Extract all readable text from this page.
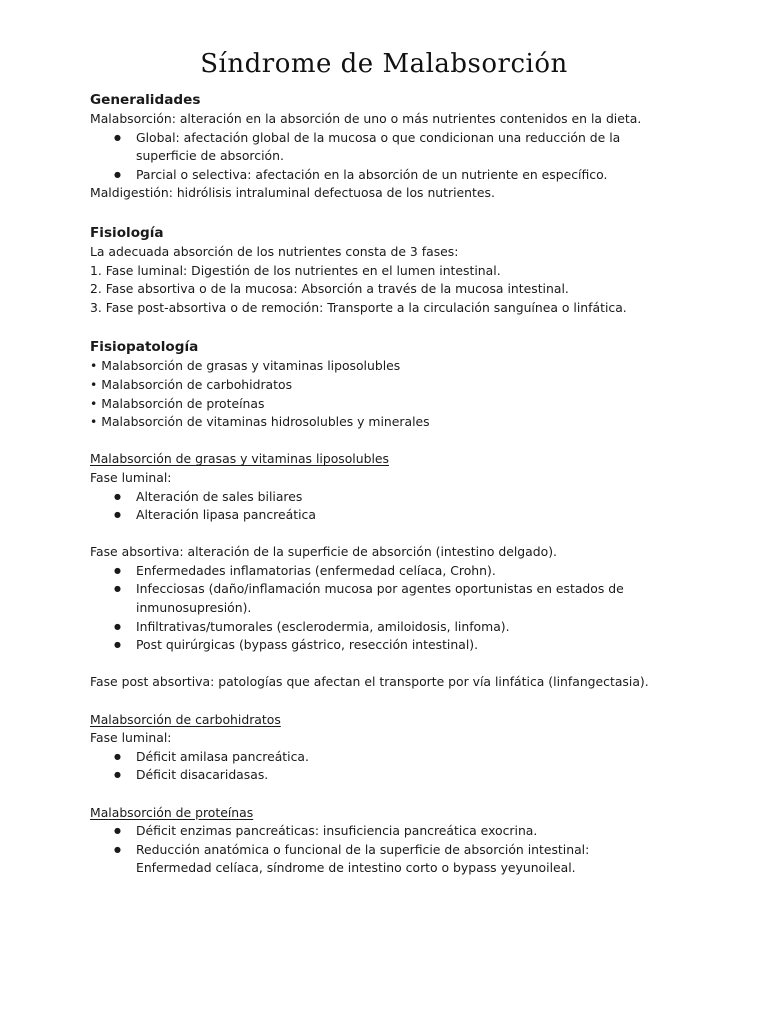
Síndrome de Malabsorción
Generalidades

Malabsorción: alteración en la absorción de uno o más nutrientes contenidos en la dieta.

● Global: afectación global de la mucosa o que condicionan una reducción de la superficie de absorción.
● Parcial o selectiva: afectación en la absorción de un nutriente en específico.

Maldigestión: hidrólisis intraluminal defectuosa de los nutrientes.

Fisiología

La adecuada absorción de los nutrientes consta de 3 fases:

1. Fase luminal: Digestión de los nutrientes en el lumen intestinal.

2. Fase absortiva o de la mucosa: Absorción a través de la mucosa intestinal.

3. Fase post-absortiva o de remoción: Transporte a la circulación sanguínea o linfática.

Fisiopatología

• Malabsorción de grasas y vitaminas liposolubles

• Malabsorción de carbohidratos

• Malabsorción de proteínas

• Malabsorción de vitaminas hidrosolubles y minerales

Malabsorción de grasas y vitaminas liposolubles

Fase luminal:

● Alteración de sales biliares
● Alteración lipasa pancreática

Fase absortiva: alteración de la superficie de absorción (intestino delgado).

● Enfermedades inflamatorias (enfermedad celíaca, Crohn).
● Infecciosas (daño/inflamación mucosa por agentes oportunistas en estados de inmunosupresión).
● Infiltrativas/tumorales (esclerodermia, amiloidosis, linfoma).
● Post quirúrgicas (bypass gástrico, resección intestinal).

Fase post absortiva: patologías que afectan el transporte por vía linfática (linfangectasia).

Malabsorción de carbohidratos

Fase luminal:

● Déficit amilasa pancreática.
● Déficit disacaridasas.

Malabsorción de proteínas

● Déficit enzimas pancreáticas: insuficiencia pancreática exocrina.
● Reducción anatómica o funcional de la superficie de absorción intestinal: Enfermedad celíaca, síndrome de intestino corto o bypass yeyunoileal.
